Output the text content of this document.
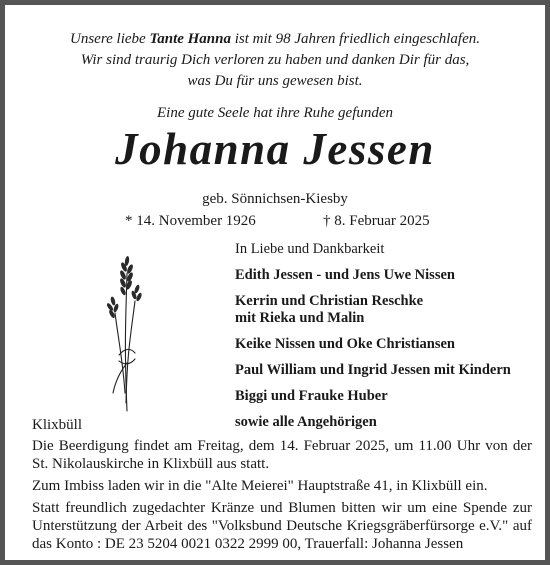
Unsere liebe Tante Hanna ist mit 98 Jahren friedlich eingeschlafen.
Wir sind traurig Dich verloren zu haben und danken Dir für das,
was Du für uns gewesen bist.
Eine gute Seele hat ihre Ruhe gefunden
Johanna Jessen
geb. Sönnichsen-Kiesby
* 14. November 1926	† 8. Februar 2025
In Liebe und Dankbarkeit
Edith Jessen - und Jens Uwe Nissen
Kerrin und Christian Reschke
mit Rieka und Malin
Keike Nissen und Oke Christiansen
Paul William und Ingrid Jessen mit Kindern
Biggi und Frauke Huber
sowie alle Angehörigen
Klixbüll

Die Beerdigung findet am Freitag, dem 14. Februar 2025, um 11.00 Uhr von der St. Nikolauskirche in Klixbüll aus statt.

Zum Imbiss laden wir in die "Alte Meierei" Hauptstraße 41, in Klixbüll ein.

Statt freundlich zugedachter Kränze und Blumen bitten wir um eine Spende zur Unterstützung der Arbeit des "Volksbund Deutsche Kriegsgräberfürsorge e.V." auf das Konto : DE 23 5204 0021 0322 2999 00, Trauerfall: Johanna Jessen
